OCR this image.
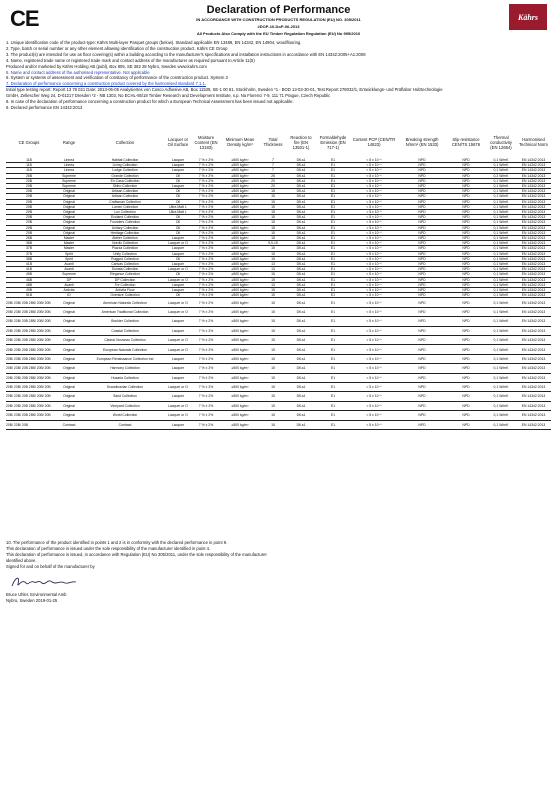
CE	Kährs
Declaration of Performance
IN ACCORDANCE WITH CONSTRUCTION PRODUCTS REGULATION (EU) NO. 305/2011
#DOP-10-DoP-06-2013
All Products Also Comply with the EU Timber Regulation Regulation (EU) No 995/2010
1. Unique identification code of the product-type: Kährs Multi-layer Parquet groups (below). Standard applicable EN 13489, EN 14342, EN 14904, woodflooring.
2. Type, batch or serial number or any other element allowing identification of the construction product. Kährs CE Group
3. The product(s) are intended for use as floor covering(s) within a building according to the manufacturer's specifications and installation instructions in accordance with EN 14342:2005+A1:2008
4. Name, registered trade name or registered trade mark and contact address of the manufacturer as required pursuant to Article 11(5)
Produced and/or marketed by Kährs Holding AB (publ), Box 805, SE 382 28 Nybro, Sweden www.kahrs.com
5. Name and contact address of the authorised representative. Not applicable
6. System or systems of assessment and verification of constancy of performance of the construction product. System 3
7. Declaration of performance concerning a construction product covered by the harmonised standard 7.1.1.
Initial type testing report: Report 13 78 021 Date: 2013-06-05 Analysiertes von Cosco Adhesive AB, Box 11539, SE-1 00 61, Stockholm, Sweden *1 - BOD 13-03-30-01, Test Report 278032/1, Entwicklungs- und Prüflabor Holztechnologie
GmbH, Zellescher Weg 24, D-01217 Dresden *2 - NB 1303, No ECHL-85/18 Timber Research and Development Institute, s.p. Na Florenci 7-9, 111 71 Prague, Czech Republic
8. In case of the declaration of performance concerning a construction product for which a European Technical Assessment has been issued not applicable.
9. Declared performance EN 14342:2013
CE Groups	Range	Collection	Lacquer or Oil Surface	Moisture Content (EN 13183)	Minimum Mean Density kg/m³	Total Thickness	Reaction to fire (EN 13501-1)	Formaldehyde Emission (EN 717-1)	Content PCP (CEN/TR 14823)	Breaking strength N/mm² (EN 1533)	Slip resistance CEN/TS 15676	Thermal conductivity (EN 12664)	Harmonised Technical Norm
11B	Linnea	Habitat Collection	Lacquer	7 % ± 2%	≥500 kg/m³	7	Dfl-s1	E1	< 5 x 10⁻⁶	NPD	NPD	0,1 W/mK	EN 14342:2013
11B	Linnea	Living Collection	Lacquer	7 % ± 2%	≥500 kg/m³	7	Dfl-s1	E1	< 5 x 10⁻⁶	NPD	NPD	0,1 W/mK	EN 14342:2013
11B	Linnea	Lodge Collection	Lacquer	7 % ± 2%	≥500 kg/m³	7	Dfl-s1	E1	< 5 x 10⁻⁶	NPD	NPD	0,1 W/mK	EN 14342:2013
26B	Supreme	Grande Collection	Oil	7 % ± 2%	≥500 kg/m³	26	Dfl-s1	E1	< 5 x 10⁻⁶	NPD	NPD	0,2 W/mK	EN 14342:2013
20B	Supreme	En Casa Collection	Oil	7 % ± 2%	≥500 kg/m³	20	Dfl-s1	E1	< 5 x 10⁻⁶	NPD	NPD	0,1 W/mK	EN 14342:2013
20B	Supreme	Skibo Collection	Lacquer	7 % ± 2%	≥500 kg/m³	20	Dfl-s1	E1	< 5 x 10⁻⁶	NPD	NPD	0,1 W/mK	EN 14342:2013
20B	Original	Artisan Collection	Oil	7 % ± 2%	≥500 kg/m³	15	Dfl-s1	E1	< 5 x 10⁻⁶	NPD	NPD	0,1 W/mK	EN 14342:2013
20B	Original	Artisan Collection	Oil	7 % ± 2%	≥500 kg/m³	15	Dfl-s1	E1	< 5 x 10⁻⁶	NPD	NPD	0,1 W/mK	EN 14342:2013
20B	Original	Craftsman Collection	Oil	7 % ± 2%	≥500 kg/m³	15	Dfl-s1	E1	< 5 x 10⁻⁶	NPD	NPD	0,1 W/mK	EN 14342:2013
20B	Original	Lumen Collection	Ultra Matt L	7 % ± 2%	≥500 kg/m³	15	Dfl-s1	E1	< 5 x 10⁻⁶	NPD	NPD	0,1 W/mK	EN 14342:2013
20B	Original	Lux Collection	Ultra Matt L	7 % ± 2%	≥500 kg/m³	15	Dfl-s1	E1	< 5 x 10⁻⁶	NPD	NPD	0,1 W/mK	EN 14342:2013
20B	Original	Ecoland Collection	Oil	7 % ± 2%	≥500 kg/m³	15	Dfl-s1	E1	< 5 x 10⁻⁶	NPD	NPD	0,1 W/mK	EN 14342:2013
20B	Original	Founders Collection	Oil	7 % ± 2%	≥500 kg/m³	15	Dfl-s1	E1	< 5 x 10⁻⁶	NPD	NPD	0,1 W/mK	EN 14342:2013
20B	Original	Unitary Collection	Oil	7 % ± 2%	≥500 kg/m³	15	Dfl-s1	E1	< 5 x 10⁻⁶	NPD	NPD	0,1 W/mK	EN 14342:2013
20B	Original	Heritage Collection	Oil	7 % ± 2%	≥500 kg/m³	15	Dfl-s1	E1	< 5 x 10⁻⁶	NPD	NPD	0,1 W/mK	EN 14342:2013
26B	Master	Atelier Collection	Lacquer	7 % ± 2%	≥500 kg/m³	15	Dfl-s1	E1	< 5 x 10⁻⁶	NPD	NPD	0,1 W/mK	EN 14342:2013
36B	Master	Nordic Collection	Lacquer or O	7 % ± 2%	≥500 kg/m³	9,5-15	Dfl-s1	E1	< 5 x 10⁻⁶	NPD	NPD	0,1 W/mK	EN 14342:2013
37B	Master	Piazza Collection	Lacquer	7 % ± 2%	≥500 kg/m³	15	Dfl-s1	E1	< 5 x 10⁻⁶	NPD	NPD	0,1 W/mK	EN 14342:2013
37B	Spirit	Unity Collection	Lacquer	7 % ± 2%	≥500 kg/m³	15	Dfl-s1	E1	< 5 x 10⁻⁶	NPD	NPD	0,1 W/mK	EN 14342:2013
38B	Spirit	Rugged Collection	Oil	7 % ± 2%	≥500 kg/m³	15	Dfl-s1	E1	< 5 x 10⁻⁶	NPD	NPD	0,1 W/mK	EN 14342:2013
41B	Avanti	Canvas Collection	Lacquer	7 % ± 2%	≥500 kg/m³	13	Dfl-s1	E1	< 5 x 10⁻⁶	NPD	NPD	0,1 W/mK	EN 14342:2013
41B	Avanti	Sonata Collection	Lacquer or O	7 % ± 2%	≥500 kg/m³	13	Dfl-s1	E1	< 5 x 10⁻⁶	NPD	NPD	0,1 W/mK	EN 14342:2013
45B	Supreme	Elegance Collection	Oil	7 % ± 2%	≥500 kg/m³	15	Dfl-s1	E1	< 5 x 10⁻⁶	NPD	NPD	0,1 W/mK	EN 14342:2013
46B	DP	DP Collection	Lacquer or O	7 % ± 2%	≥500 kg/m³	15	Dfl-s1	E1	< 5 x 10⁻⁶	NPD	NPD	0,1 W/mK	EN 14342:2013
48B	Avanti	Tre Collection	Lacquer	7 % ± 2%	≥500 kg/m³	13	Dfl-s1	E1	< 5 x 10⁻⁶	NPD	NPD	0,1 W/mK	EN 14342:2013
49B	Activita	Activita Floor	Lacquer	7 % ± 2%	≥500 kg/m³	15	Dfl-s1	E1	< 5 x 10⁻⁶	NPD	NPD	0,1 W/mK	EN 14342:2013
51B	ID	Oversize Collection	Oil	7 % ± 2%	≥500 kg/m³	15	Dfl-s1	E1	< 5 x 10⁻⁶	NPD	NPD	0,1 W/mK	EN 14342:2013
20B/ 23B/ 20B 28B/ 20B/ 20B	Original	American Naturals Collection	Lacquer or O	7 % ± 2%	≥500 kg/m³	15	Dfl-s1	E1	< 5 x 10⁻⁶	NPD	NPD	0,1 W/mK	EN 14342:2013
20B/ 23B/ 20B 28B/ 20B/ 20B	Original	American Traditional Collection	Lacquer or O	7 % ± 2%	≥500 kg/m³	15	Dfl-s1	E1	< 5 x 10⁻⁶	NPD	NPD	0,1 W/mK	EN 14342:2013
20B/ 23B/ 20B 28B/ 20B/ 20B	Original	Boulder Collection	Lacquer	7 % ± 2%	≥500 kg/m³	15	Dfl-s1	E1	< 5 x 10⁻⁶	NPD	NPD	0,1 W/mK	EN 14342:2013
20B/ 23B/ 20B 28B/ 20B/ 20B	Original	Coastal Collection	Lacquer	7 % ± 2%	≥500 kg/m³	15	Dfl-s1	E1	< 5 x 10⁻⁶	NPD	NPD	0,1 W/mK	EN 14342:2013
20B/ 23B/ 20B 28B/ 20B/ 20B	Original	Classic Nouveau Collection	Lacquer or O	7 % ± 2%	≥500 kg/m³	15	Dfl-s1	E1	< 5 x 10⁻⁶	NPD	NPD	0,1 W/mK	EN 14342:2013
20B/ 23B/ 20B 28B/ 20B/ 20B	Original	European Naturals Collection	Lacquer or O	7 % ± 2%	≥500 kg/m³	15	Dfl-s1	E1	< 5 x 10⁻⁶	NPD	NPD	0,1 W/mK	EN 14342:2013
20B/ 23B/ 20B 28B/ 20B/ 20B	Original	European Renaissance Collection Ind	Lacquer	7 % ± 2%	≥500 kg/m³	15	Dfl-s1	E1	< 5 x 10⁻⁶	NPD	NPD	0,1 W/mK	EN 14342:2013
20B/ 23B/ 20B 28B/ 20B/ 20B	Original	Harmony Collection	Lacquer	7 % ± 2%	≥500 kg/m³	15	Dfl-s1	E1	< 5 x 10⁻⁶	NPD	NPD	0,1 W/mK	EN 14342:2013
20B/ 23B/ 20B 28B/ 20B/ 20B	Original	Husaria Collection	Lacquer	7 % ± 2%	≥500 kg/m³	15	Dfl-s1	E1	< 5 x 10⁻⁶	NPD	NPD	0,1 W/mK	EN 14342:2013
20B/ 23B/ 20B 28B/ 20B/ 20B	Original	Scandinavian Collection	Lacquer or O	7 % ± 2%	≥500 kg/m³	15	Dfl-s1	E1	< 5 x 10⁻⁶	NPD	NPD	0,1 W/mK	EN 14342:2013
20B/ 23B/ 20B 28B/ 20B/ 20B	Original	Sand Collection	Lacquer	7 % ± 2%	≥500 kg/m³	15	Dfl-s1	E1	< 5 x 10⁻⁶	NPD	NPD	0,1 W/mK	EN 14342:2013
20B/ 23B/ 20B 28B/ 20B/ 20B	Original	Vineyard Collection	Lacquer or O	7 % ± 2%	≥500 kg/m³	15	Dfl-s1	E1	< 5 x 10⁻⁶	NPD	NPD	0,1 W/mK	EN 14342:2013
20B/ 23B/ 20B 28B/ 20B/ 20B	Original	World Collection	Lacquer or O	7 % ± 2%	≥500 kg/m³	15	Dfl-s1	E1	< 5 x 10⁻⁶	NPD	NPD	0,1 W/mK	EN 14342:2013
20B/ 23B/ 20B	Contract	Contract	Lacquer	7 % ± 2%	≥500 kg/m³	15	Dfl-s1	E1	< 5 x 10⁻⁶	NPD	NPD	0,1 W/mK	EN 14342:2013
10. The performance of the product identified in points 1 and 2 is in conformity with the declared performance in point 9.
This declaration of performance is issued under the sole responsibility of the manufacturer identified in point 4.
This declaration of performance is issued, in accordance with Regulation (EU) No 305/2011, under the sole responsibility of the manufacturer
identified above.
Signed for and on behalf of the manufacturer by
Bruce Uhler, Environmental Amb
Nybro, Sweden 2019-01-25
